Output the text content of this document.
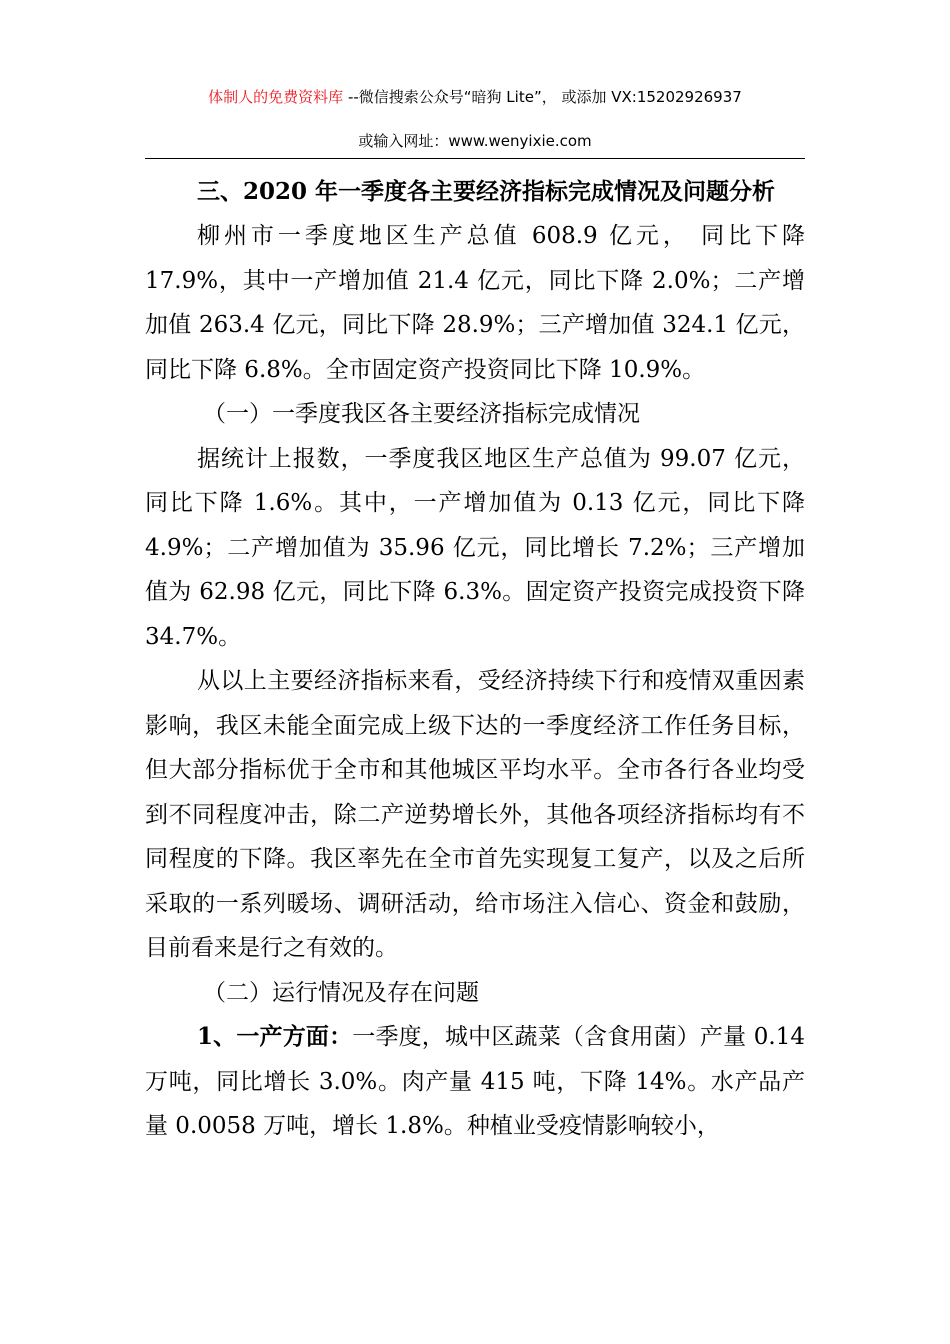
体制人的免费资料库 --微信搜索公众号“暗狗 Lite”， 或添加 VX:15202926937
或输入网址：www.wenyixie.com

三、2020 年一季度各主要经济指标完成情况及问题分析

柳州市一季度地区生产总值 608.9 亿元， 同比下降 17.9%，其中一产增加值 21.4 亿元，同比下降 2.0%；二产增加值 263.4 亿元，同比下降 28.9%；三产增加值 324.1 亿元，同比下降 6.8%。全市固定资产投资同比下降 10.9%。

（一）一季度我区各主要经济指标完成情况

据统计上报数，一季度我区地区生产总值为 99.07 亿元，同比下降 1.6%。其中，一产增加值为 0.13 亿元，同比下降 4.9%；二产增加值为 35.96 亿元，同比增长 7.2%；三产增加值为 62.98 亿元，同比下降 6.3%。固定资产投资完成投资下降 34.7%。

从以上主要经济指标来看，受经济持续下行和疫情双重因素影响，我区未能全面完成上级下达的一季度经济工作任务目标，但大部分指标优于全市和其他城区平均水平。全市各行各业均受到不同程度冲击，除二产逆势增长外，其他各项经济指标均有不同程度的下降。我区率先在全市首先实现复工复产，以及之后所采取的一系列暖场、调研活动，给市场注入信心、资金和鼓励，目前看来是行之有效的。

（二）运行情况及存在问题

1、一产方面：一季度，城中区蔬菜（含食用菌）产量 0.14 万吨，同比增长 3.0%。肉产量 415 吨，下降 14%。水产品产量 0.0058 万吨，增长 1.8%。种植业受疫情影响较小，
